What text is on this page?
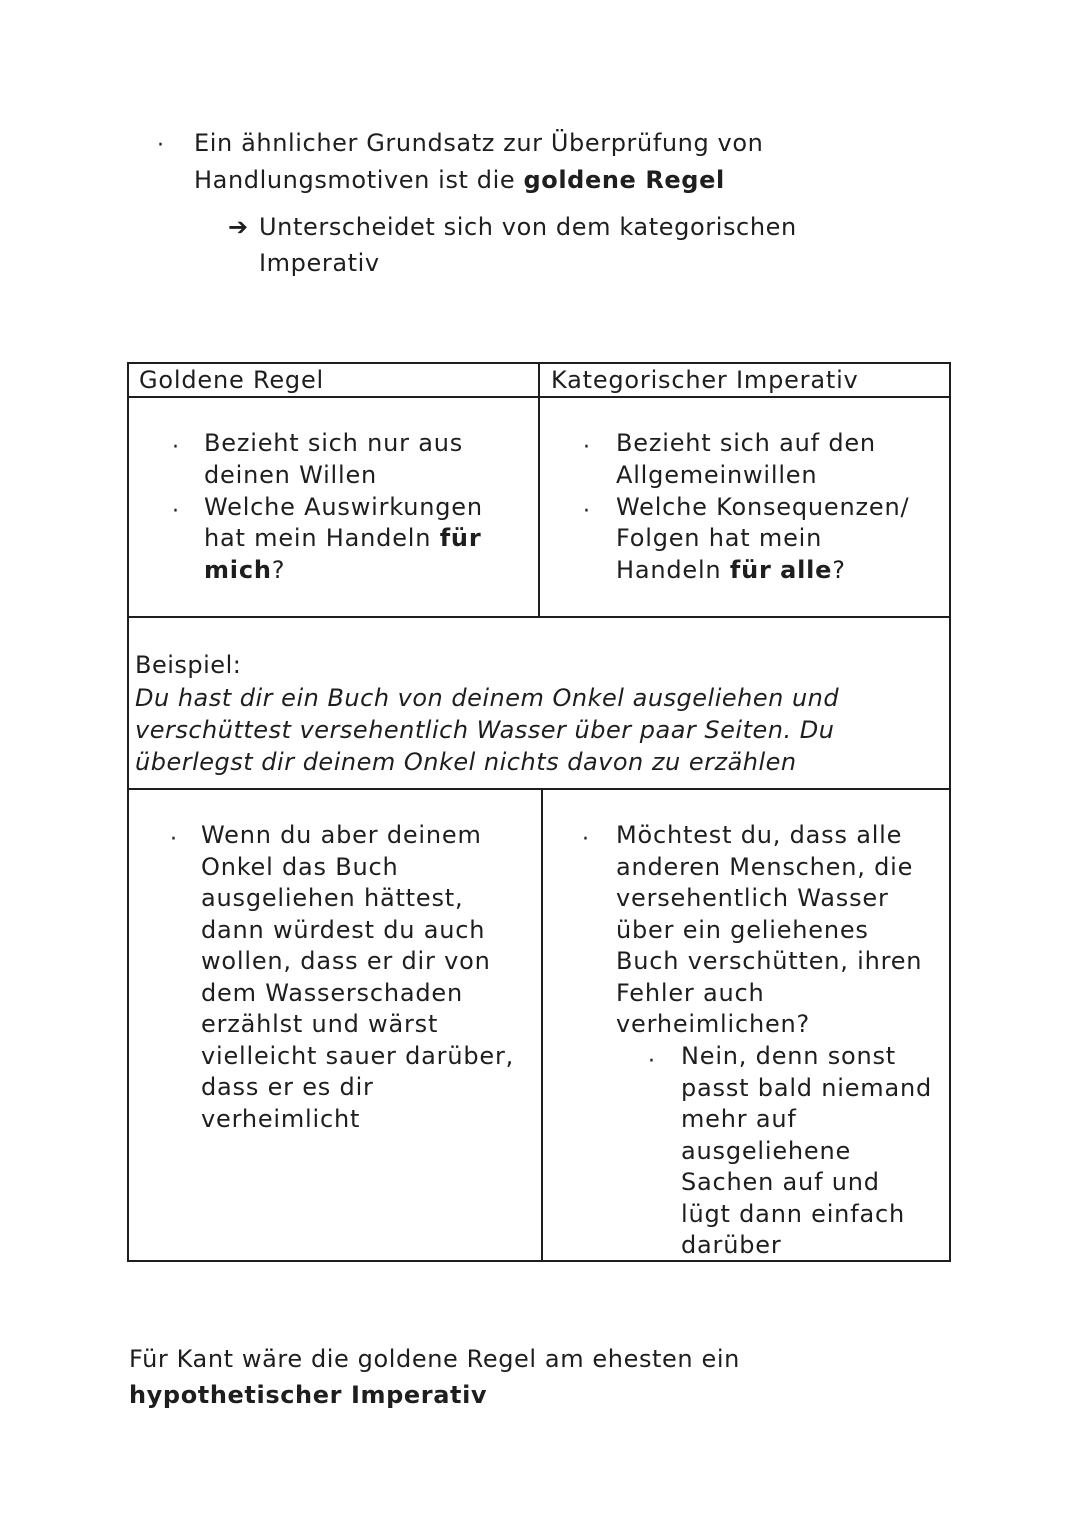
· Ein ähnlicher Grundsatz zur Überprüfung von
Handlungsmotiven ist die goldene Regel
➔ Unterscheidet sich von dem kategorischen
Imperativ
Goldene Regel	Kategorischer Imperativ
· Bezieht sich nur aus
deinen Willen
· Welche Auswirkungen
hat mein Handeln für
mich?
· Bezieht sich auf den
Allgemeinwillen
· Welche Konsequenzen/
Folgen hat mein
Handeln für alle?
Beispiel:
Du hast dir ein Buch von deinem Onkel ausgeliehen und
verschüttest versehentlich Wasser über paar Seiten. Du
überlegst dir deinem Onkel nichts davon zu erzählen
· Wenn du aber deinem
Onkel das Buch
ausgeliehen hättest,
dann würdest du auch
wollen, dass er dir von
dem Wasserschaden
erzählst und wärst
vielleicht sauer darüber,
dass er es dir
verheimlicht
· Möchtest du, dass alle
anderen Menschen, die
versehentlich Wasser
über ein geliehenes
Buch verschütten, ihren
Fehler auch
verheimlichen?
· Nein, denn sonst
passt bald niemand
mehr auf
ausgeliehene
Sachen auf und
lügt dann einfach
darüber
Für Kant wäre die goldene Regel am ehesten ein
hypothetischer Imperativ
